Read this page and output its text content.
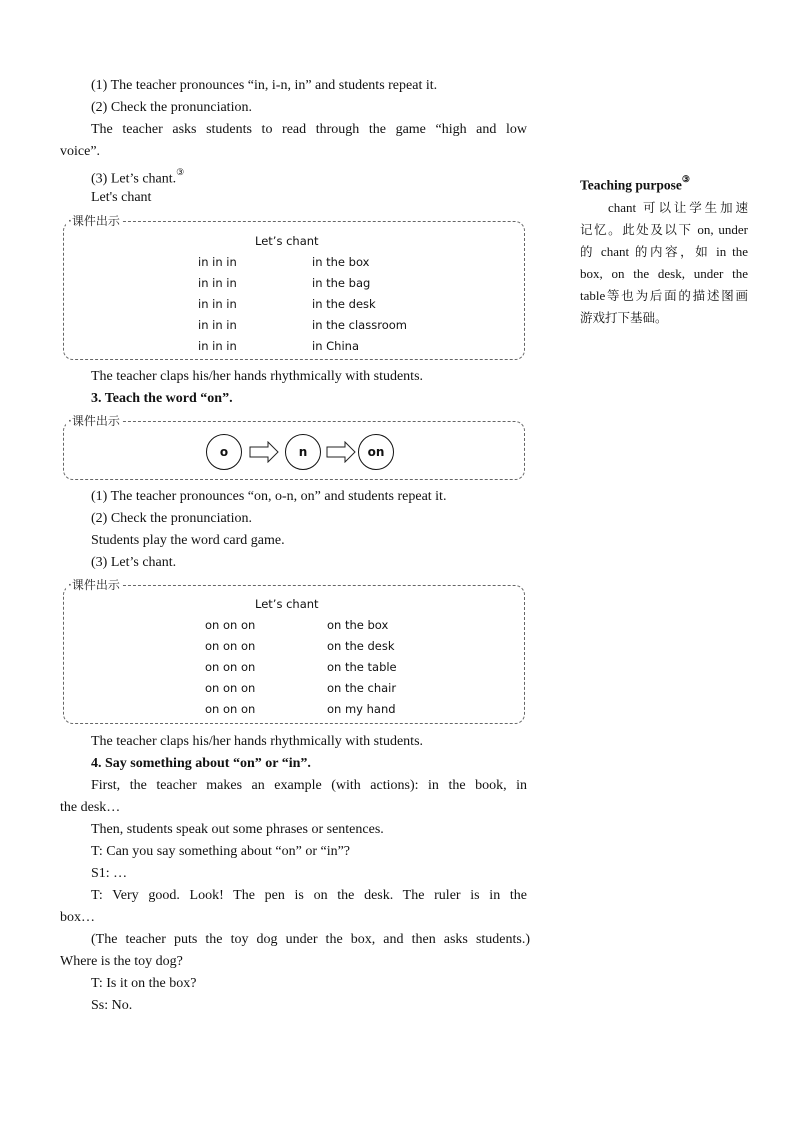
(1) The teacher pronounces “in, i-n, in” and students repeat it.
(2) Check the pronunciation.
The teacher asks students to read through the game “high and low
voice”.
(3) Let’s chant.③
Let's chant
·课件出示
Let’s chant
in in in	in the box
in in in	in the bag
in in in	in the desk
in in in	in the classroom
in in in	in China
The teacher claps his/her hands rhythmically with students.
3. Teach the word “on”.
·课件出示
o	n	on
(1) The teacher pronounces “on, o-n, on” and students repeat it.
(2) Check the pronunciation.
Students play the word card game.
(3) Let’s chant.
·课件出示
Let’s chant
on on on	on the box
on on on	on the desk
on on on	on the table
on on on	on the chair
on on on	on my hand
The teacher claps his/her hands rhythmically with students.
4. Say something about “on” or “in”.
First, the teacher makes an example (with actions): in the book, in
the desk…
Then, students speak out some phrases or sentences.
T: Can you say something about “on” or “in”?
S1: …
T: Very good. Look! The pen is on the desk. The ruler is in the
box…
(The teacher puts the toy dog under the box, and then asks students.)
Where is the toy dog?
T: Is it on the box?
Ss: No.
Teaching purpose③
chant 可以让学生加速
记忆。此处及以下 on, under
的 chant 的内容，如 in the
box, on the desk, under the
table等也为后面的描述图画
游戏打下基础。
